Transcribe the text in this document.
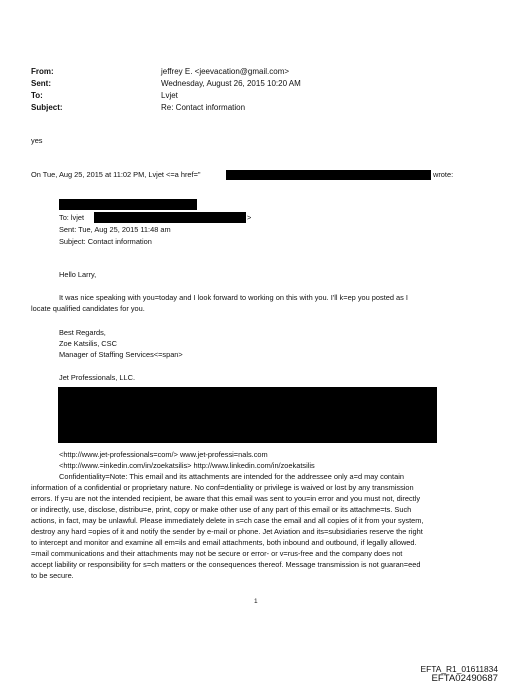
From:	jeffrey E. <jeevacation@gmail.com>
Sent:	Wednesday, August 26, 2015 10:20 AM
To:	Lvjet
Subject:	Re: Contact information
yes
On Tue, Aug 25, 2015 at 11:02 PM, Lvjet <=a href="	wrote:
To: lvjet	>
Sent: Tue, Aug 25, 2015 11:48 am
Subject: Contact information
Hello Larry,
It was nice speaking with you=today and I look forward to working on this with you. I'll k=ep you posted as I
locate qualified candidates for you.
Best Regards,
Zoe Katsilis, CSC
Manager of Staffing Services<=span>
Jet Professionals, LLC.
<http://www.jet-professionals=com/> www.jet-professi=nals.com
<http://www.=inkedin.com/in/zoekatsilis> http://www.linkedin.com/in/zoekatsilis
Confidentiality=Note: This email and its attachments are intended for the addressee only a=d may contain
information of a confidential or proprietary nature. No conf=dentiality or privilege is waived or lost by any transmission
errors. If y=u are not the intended recipient, be aware that this email was sent to you=in error and you must not, directly
or indirectly, use, disclose, distribu=e, print, copy or make other use of any part of this email or its attachme=ts. Such
actions, in fact, may be unlawful. Please immediately delete in s=ch case the email and all copies of it from your system,
destroy any hard =opies of it and notify the sender by e-mail or phone. Jet Aviation and its=subsidiaries reserve the right
to intercept and monitor and examine all em=ils and email attachments, both inbound and outbound, if legally allowed.
=mail communications and their attachments may not be secure or error- or v=rus-free and the company does not
accept liability or responsibility for s=ch matters or the consequences thereof. Message transmission is not guaran=eed
to be secure.
1
EFTA_R1_01611834
EFTA02490687
